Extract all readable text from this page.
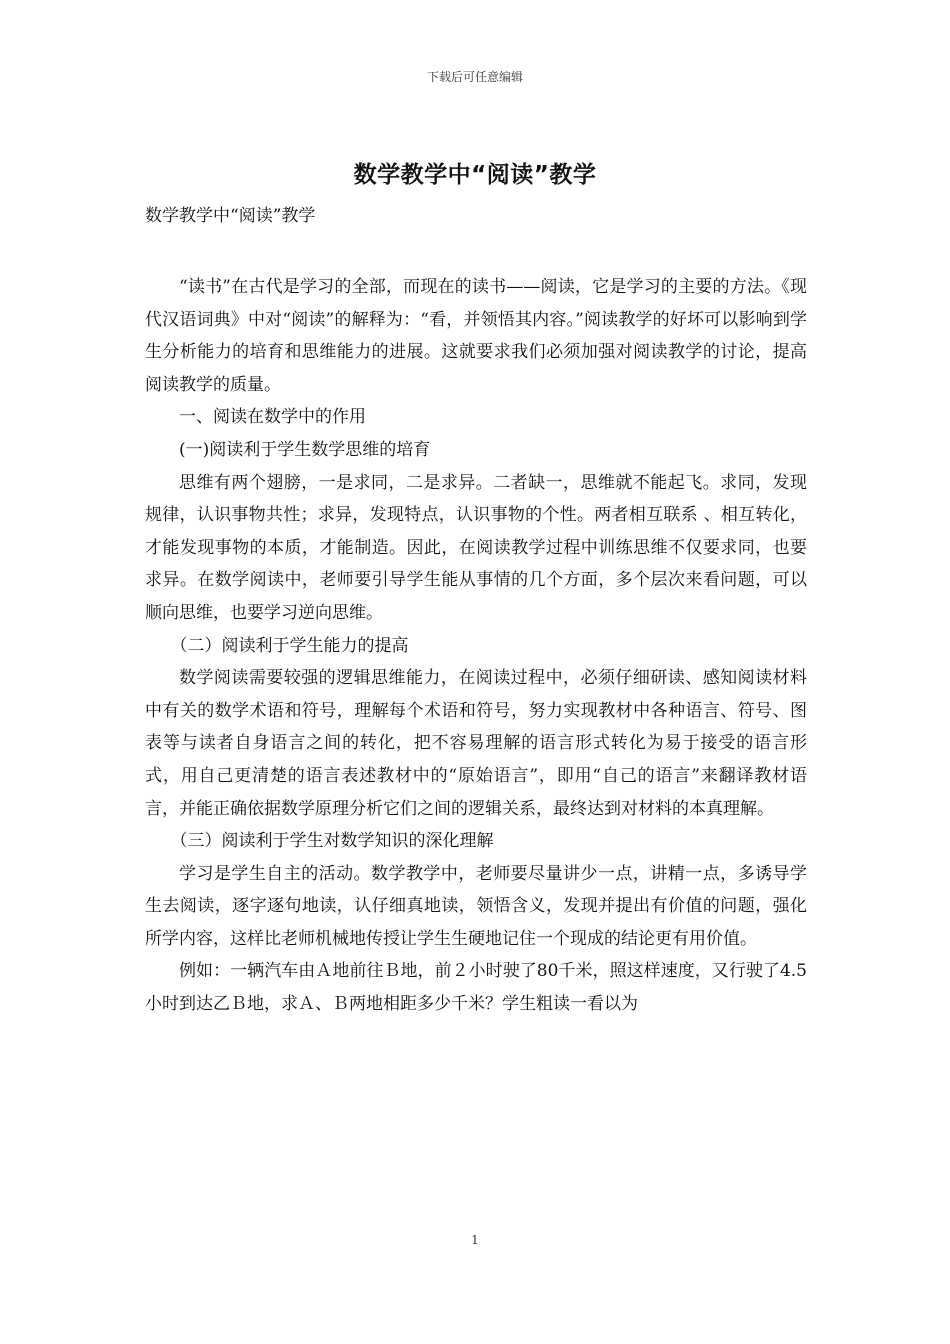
下载后可任意编辑
数学教学中“阅读”教学
数学教学中“阅读”教学

“读书”在古代是学习的全部，而现在的读书——阅读，它是学习的主要的方法。《现代汉语词典》中对“阅读”的解释为：“看，并领悟其内容。”阅读教学的好坏可以影响到学生分析能力的培育和思维能力的进展。这就要求我们必须加强对阅读教学的讨论，提高阅读教学的质量。

一、阅读在数学中的作用

(一)阅读利于学生数学思维的培育

思维有两个翅膀，一是求同，二是求异。二者缺一，思维就不能起飞。求同，发现规律，认识事物共性；求异，发现特点，认识事物的个性。两者相互联系 、相互转化，才能发现事物的本质，才能制造。因此，在阅读教学过程中训练思维不仅要求同，也要求异。在数学阅读中，老师要引导学生能从事情的几个方面，多个层次来看问题，可以顺向思维，也要学习逆向思维。

（二）阅读利于学生能力的提高

数学阅读需要较强的逻辑思维能力，在阅读过程中，必须仔细研读、感知阅读材料中有关的数学术语和符号，理解每个术语和符号，努力实现教材中各种语言、符号、图表等与读者自身语言之间的转化，把不容易理解的语言形式转化为易于接受的语言形式，用自己更清楚的语言表述教材中的“原始语言”，即用“自己的语言”来翻译教材语言，并能正确依据数学原理分析它们之间的逻辑关系，最终达到对材料的本真理解。

（三）阅读利于学生对数学知识的深化理解

学习是学生自主的活动。数学教学中，老师要尽量讲少一点，讲精一点，多诱导学生去阅读，逐字逐句地读，认仔细真地读，领悟含义，发现并提出有价值的问题，强化所学内容，这样比老师机械地传授让学生生硬地记住一个现成的结论更有用价值。

例如：一辆汽车由Ａ地前往Ｂ地，前２小时驶了80千米，照这样速度，又行驶了4.5小时到达乙Ｂ地，求Ａ、Ｂ两地相距多少千米？学生粗读一看以为

1
